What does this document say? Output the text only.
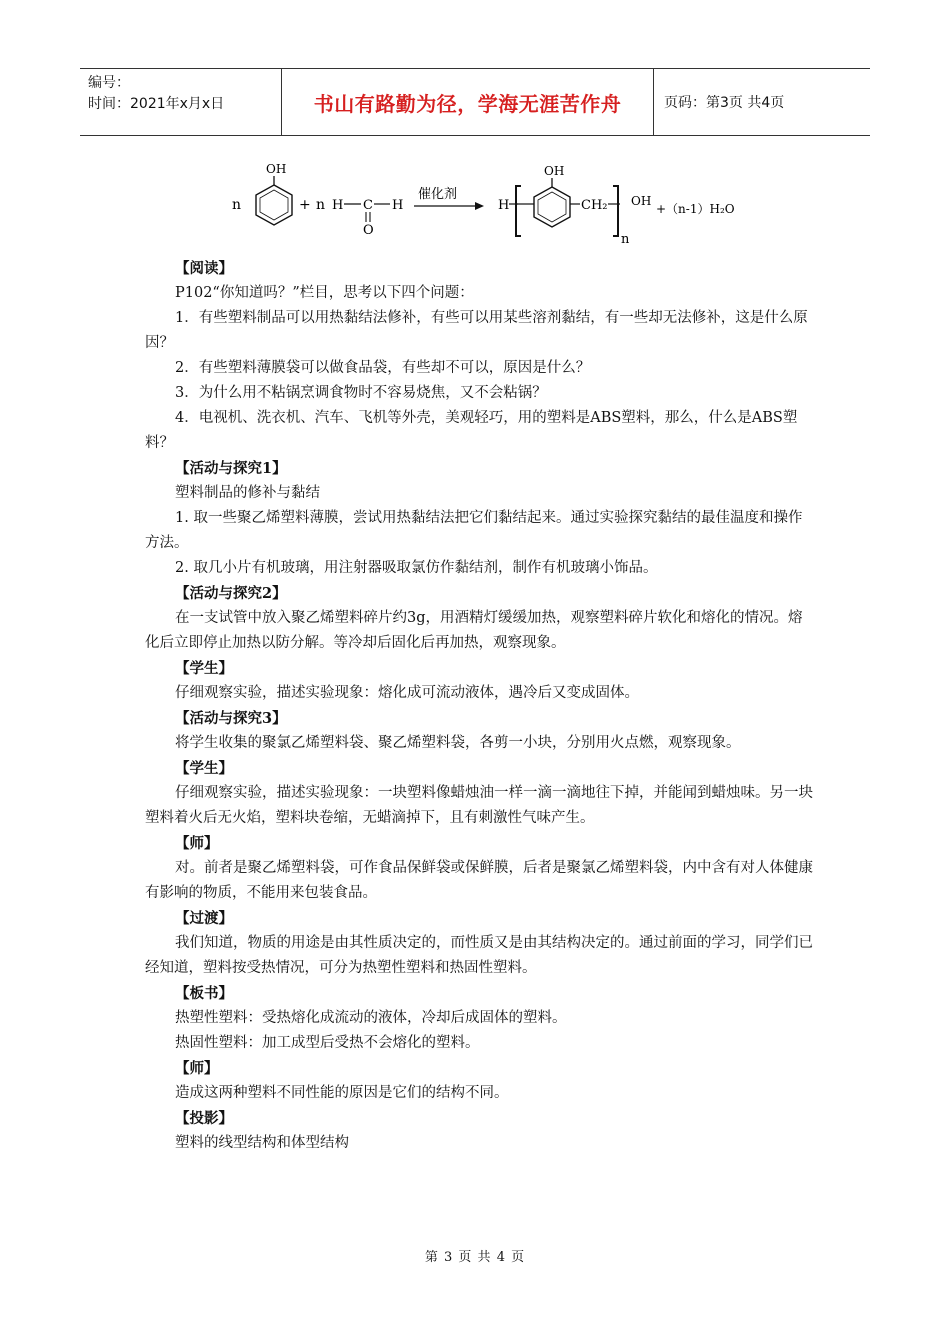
编号：
时间：2021年x月x日	书山有路勤为径，学海无涯苦作舟	页码：第3页 共4页
n
OH
+ n H C H
O
催化剂
H
OH
CH₂
n
OH
+（n-1）H₂O

【阅读】

P102“你知道吗？”栏目，思考以下四个问题：

1．有些塑料制品可以用热黏结法修补，有些可以用某些溶剂黏结，有一些却无法修补，这是什么原因？

2．有些塑料薄膜袋可以做食品袋，有些却不可以，原因是什么？

3．为什么用不粘锅烹调食物时不容易烧焦，又不会粘锅？

4．电视机、洗衣机、汽车、飞机等外壳，美观轻巧，用的塑料是ABS塑料，那么，什么是ABS塑料？

【活动与探究1】

塑料制品的修补与黏结

1. 取一些聚乙烯塑料薄膜，尝试用热黏结法把它们黏结起来。通过实验探究黏结的最佳温度和操作方法。

2. 取几小片有机玻璃，用注射器吸取氯仿作黏结剂，制作有机玻璃小饰品。

【活动与探究2】

在一支试管中放入聚乙烯塑料碎片约3g，用酒精灯缓缓加热，观察塑料碎片软化和熔化的情况。熔化后立即停止加热以防分解。等冷却后固化后再加热，观察现象。

【学生】

仔细观察实验，描述实验现象：熔化成可流动液体，遇冷后又变成固体。

【活动与探究3】

将学生收集的聚氯乙烯塑料袋、聚乙烯塑料袋，各剪一小块，分别用火点燃，观察现象。

【学生】

仔细观察实验，描述实验现象：一块塑料像蜡烛油一样一滴一滴地往下掉，并能闻到蜡烛味。另一块塑料着火后无火焰，塑料块卷缩，无蜡滴掉下，且有刺激性气味产生。

【师】

对。前者是聚乙烯塑料袋，可作食品保鲜袋或保鲜膜，后者是聚氯乙烯塑料袋，内中含有对人体健康有影响的物质，不能用来包装食品。

【过渡】

我们知道，物质的用途是由其性质决定的，而性质又是由其结构决定的。通过前面的学习，同学们已经知道，塑料按受热情况，可分为热塑性塑料和热固性塑料。

【板书】

热塑性塑料：受热熔化成流动的液体，冷却后成固体的塑料。

热固性塑料：加工成型后受热不会熔化的塑料。

【师】

造成这两种塑料不同性能的原因是它们的结构不同。

【投影】

塑料的线型结构和体型结构

第 3 页 共 4 页
